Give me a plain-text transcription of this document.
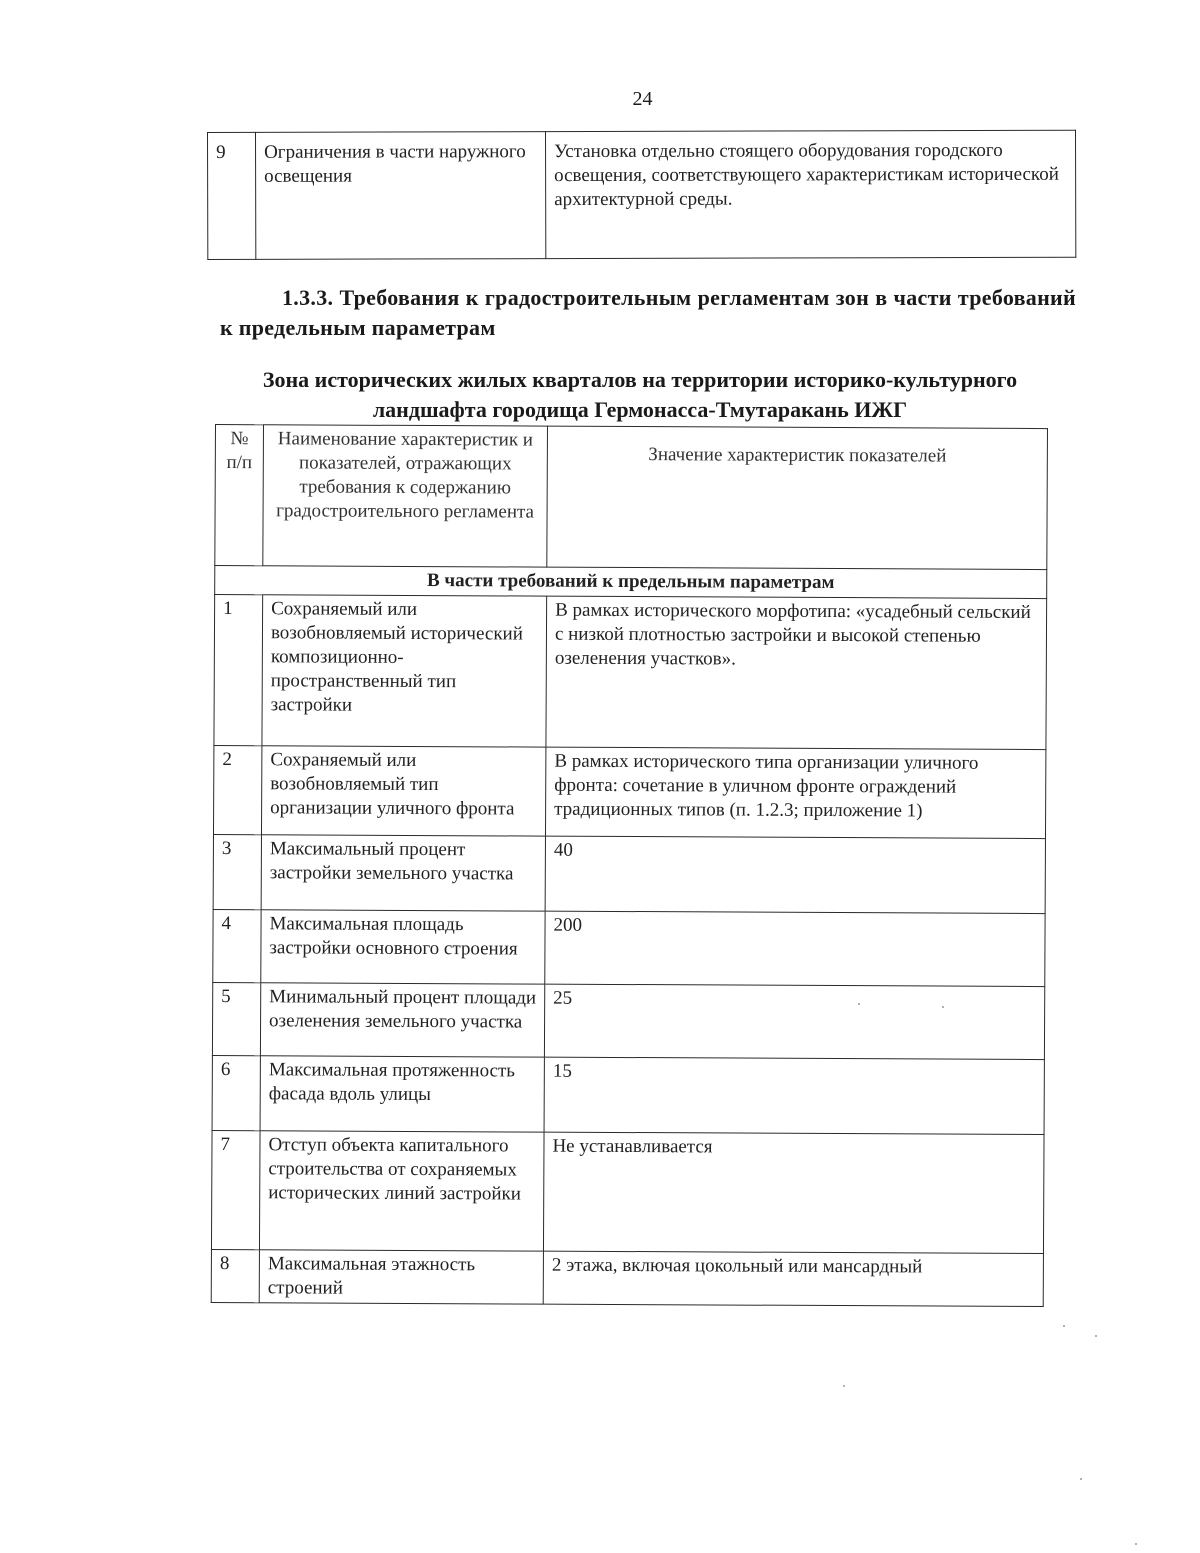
24
9	Ограничения в части наружного освещения	Установка отдельно стоящего оборудования городского освещения, соответствующего характеристикам исторической архитектурной среды.
1.3.3. Требования к градостроительным регламентам зон в части требований к предельным параметрам
Зона исторических жилых кварталов на территории историко-культурного ландшафта городища Гермонасса-Тмутаракань ИЖГ
№ п/п	Наименование характеристик и показателей, отражающих требования к содержанию градостроительного регламента	Значение характеристик показателей
В части требований к предельным параметрам		
1	Сохраняемый или возобновляемый исторический композиционно-пространственный тип застройки	В рамках исторического морфотипа: «усадебный сельский с низкой плотностью застройки и высокой степенью озеленения участков».
2	Сохраняемый или возобновляемый тип организации уличного фронта	В рамках исторического типа организации уличного фронта: сочетание в уличном фронте ограждений традиционных типов (п. 1.2.3; приложение 1)
3	Максимальный процент застройки земельного участка	40
4	Максимальная площадь застройки основного строения	200
5	Минимальный процент площади озеленения земельного участка	25
6	Максимальная протяженность фасада вдоль улицы	15
7	Отступ объекта капитального строительства от сохраняемых исторических линий застройки	Не устанавливается
8	Максимальная этажность строений	2 этажа, включая цокольный или мансардный
